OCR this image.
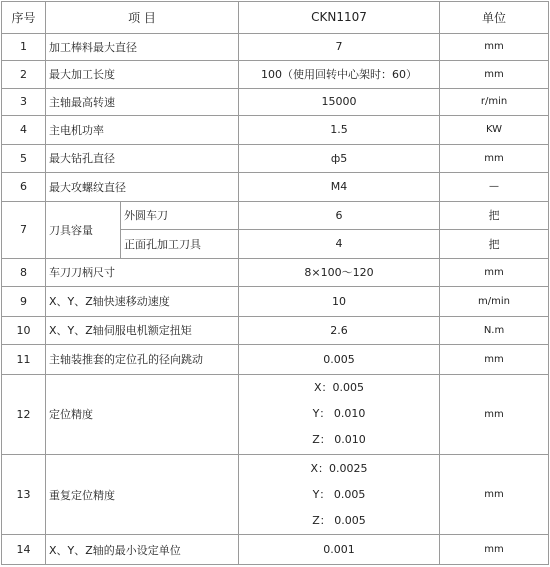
序号	项 目		CKN1107	单位
1	加工棒料最大直径		7	mm
2	最大加工长度		100（使用回转中心架时：60）	mm
3	主轴最高转速		15000	r/min
4	主电机功率		1.5	KW
5	最大钻孔直径		ф5	mm
6	最大攻螺纹直径		M4	—
7	刀具容量	外圆车刀	6	把
		正面孔加工刀具	4	把
8	车刀刀柄尺寸		8×100～120	mm
9	X、Y、Z轴快速移动速度		10	m/min
10	X、Y、Z轴伺服电机额定扭矩		2.6	N.m
11	主轴装推套的定位孔的径向跳动		0.005	mm
12	定位精度		X：0.005
Y： 0.010
Z： 0.010	mm
13	重复定位精度		X：0.0025
Y： 0.005
Z： 0.005	mm
14	X、Y、Z轴的最小设定单位		0.001	mm
